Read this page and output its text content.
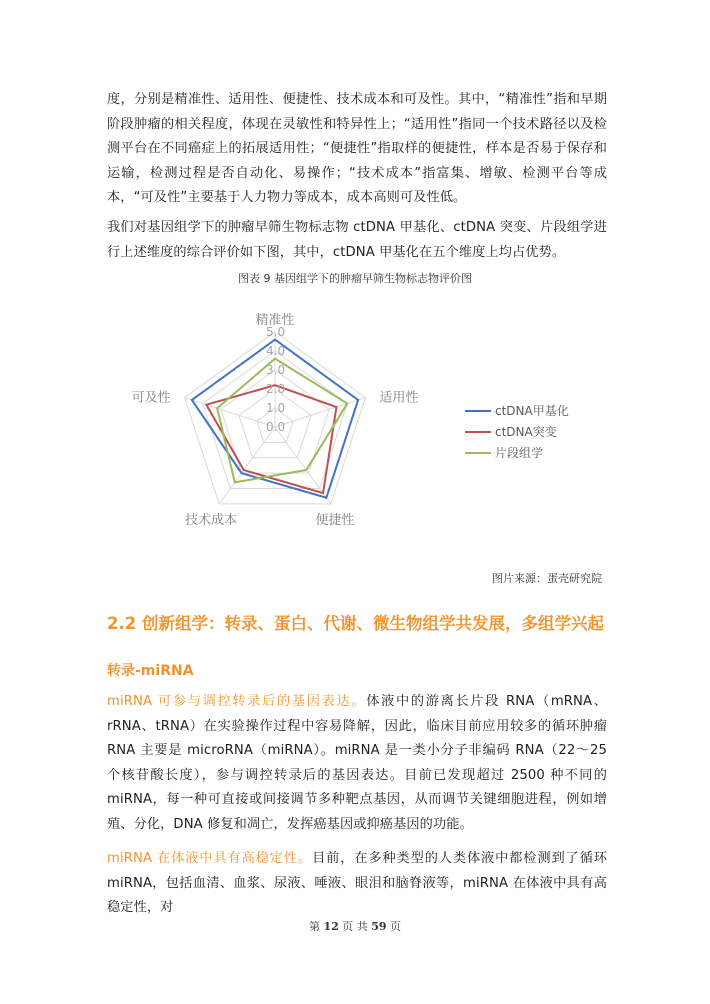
度，分别是精准性、适用性、便捷性、技术成本和可及性。其中，“精准性”指和早期阶段肿瘤的相关程度，体现在灵敏性和特异性上；“适用性”指同一个技术路径以及检测平台在不同癌症上的拓展适用性；“便捷性”指取样的便捷性，样本是否易于保存和运输，检测过程是否自动化、易操作；“技术成本”指富集、增敏、检测平台等成本，“可及性”主要基于人力物力等成本，成本高则可及性低。

我们对基因组学下的肿瘤早筛生物标志物 ctDNA 甲基化、ctDNA 突变、片段组学进行上述维度的综合评价如下图，其中，ctDNA 甲基化在五个维度上均占优势。

图表 9 基因组学下的肿瘤早筛生物标志物评价图
0.0
1.0
2.0
3.0
4.0
5.0
精准性
适用性
便捷性
技术成本
可及性
ctDNA甲基化
ctDNA突变
片段组学
图片来源：蛋壳研究院
2.2 创新组学：转录、蛋白、代谢、微生物组学共发展，多组学兴起
转录-miRNA

miRNA 可参与调控转录后的基因表达。体液中的游离长片段 RNA（mRNA、rRNA、tRNA）在实验操作过程中容易降解，因此，临床目前应用较多的循环肿瘤 RNA 主要是 microRNA（miRNA）。miRNA 是一类小分子非编码 RNA（22～25 个核苷酸长度），参与调控转录后的基因表达。目前已发现超过 2500 种不同的 miRNA，每一种可直接或间接调节多种靶点基因，从而调节关键细胞进程，例如增殖、分化，DNA 修复和凋亡，发挥癌基因或抑癌基因的功能。

miRNA 在体液中具有高稳定性。目前，在多种类型的人类体液中都检测到了循环 miRNA，包括血清、血浆、尿液、唾液、眼泪和脑脊液等，miRNA 在体液中具有高稳定性，对

第 12 页 共 59 页
